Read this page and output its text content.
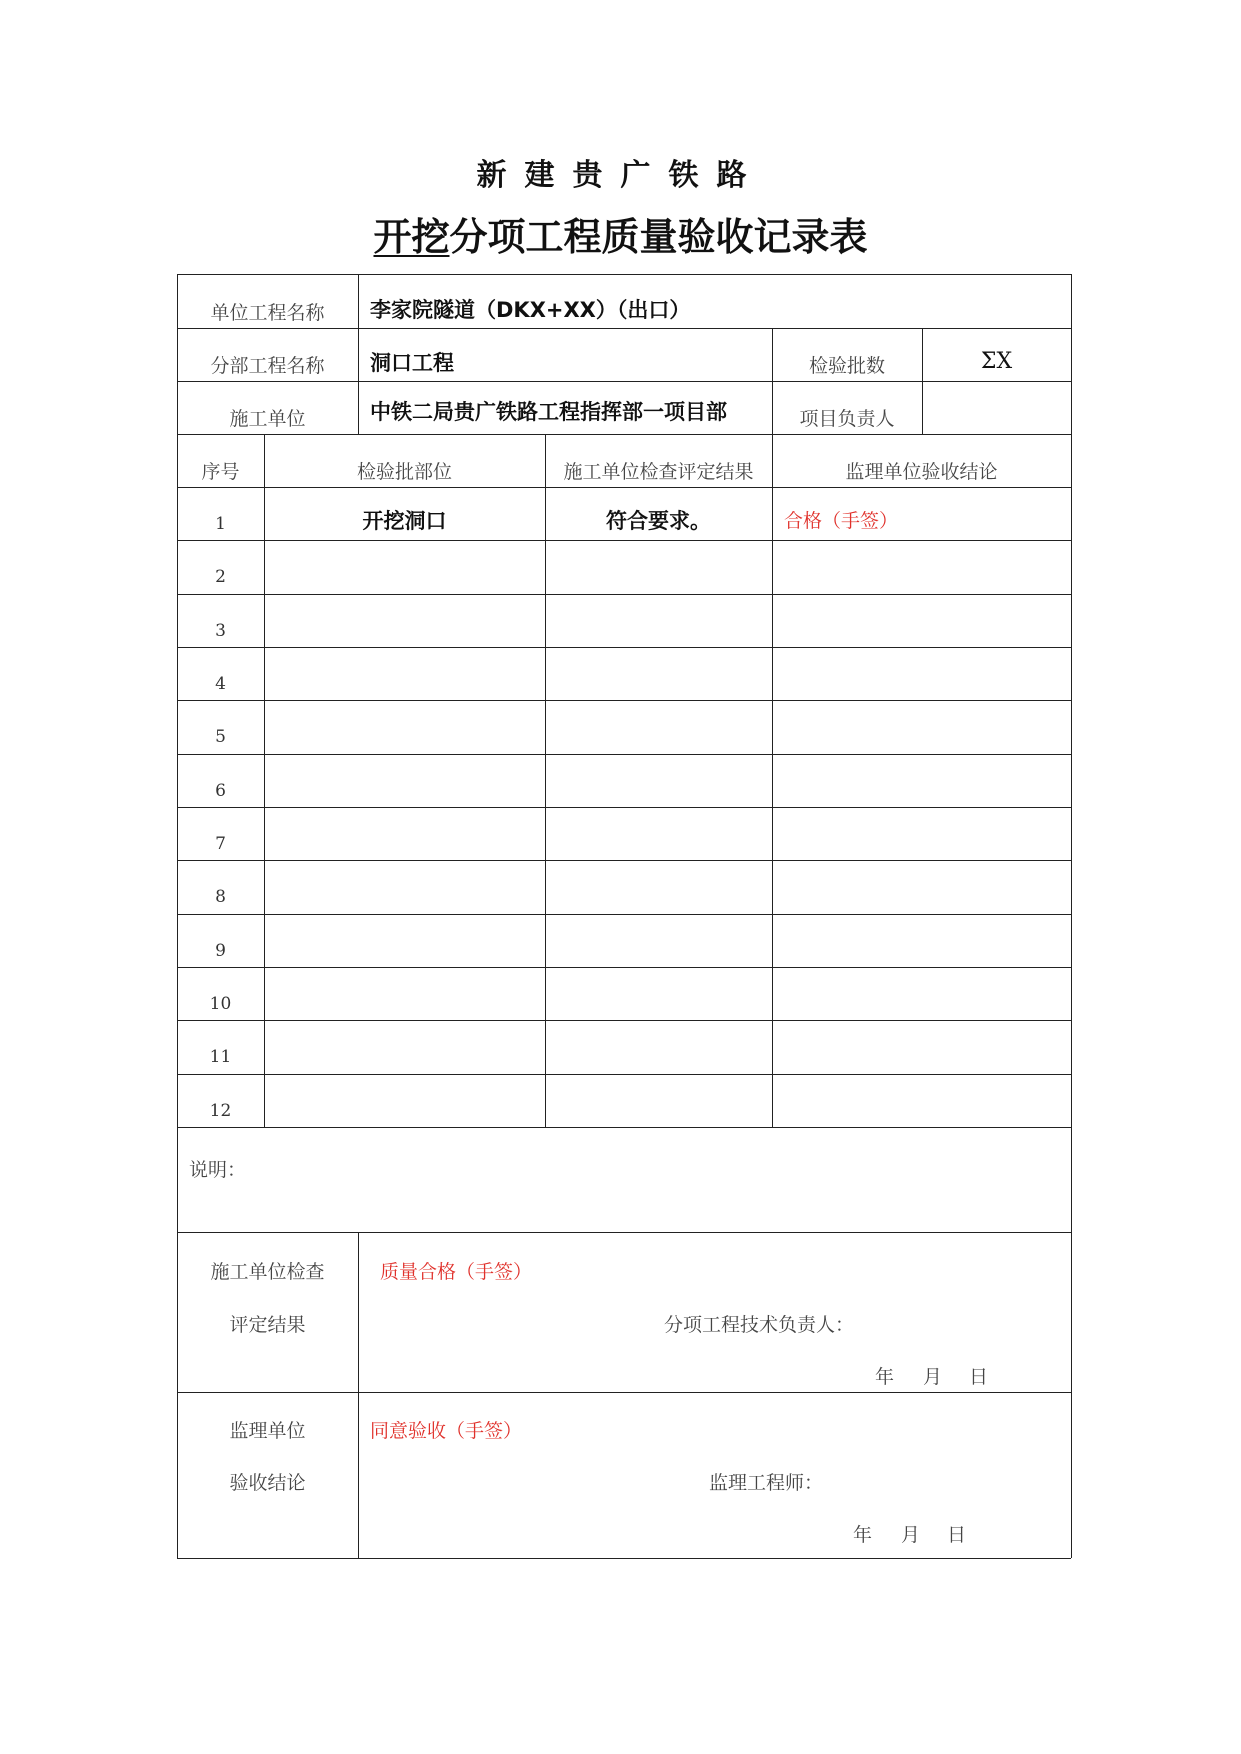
新建贵广铁路
开挖分项工程质量验收记录表
单位工程名称	李家院隧道（DKX+XX）（出口）
分部工程名称	洞口工程	检验批数	ΣX
施工单位	中铁二局贵广铁路工程指挥部一项目部	项目负责人
序号	检验批部位	施工单位检查评定结果	监理单位验收结论
1	开挖洞口	符合要求。	合格（手签）
2
3
4
5
6
7
8
9
10
11
12
说明：
施工单位检查
评定结果
质量合格（手签）
分项工程技术负责人：
年	月	日
监理单位
验收结论
同意验收（手签）
监理工程师：
年	月	日
